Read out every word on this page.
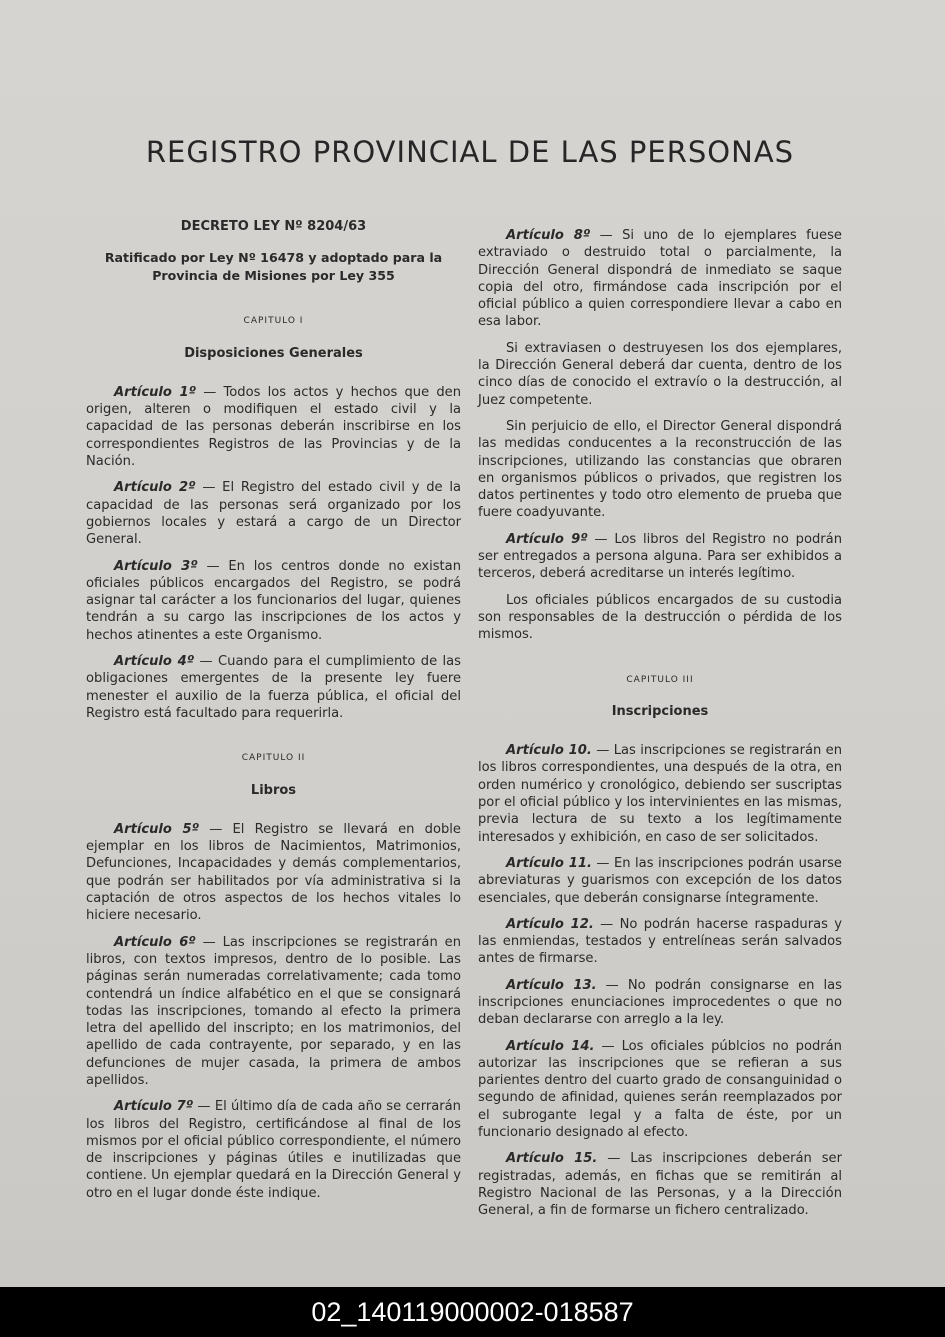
REGISTRO PROVINCIAL DE LAS PERSONAS
DECRETO LEY Nº 8204/63
Ratificado por Ley Nº 16478 y adoptado para la Provincia de Misiones por Ley 355
CAPITULO I
Disposiciones Generales

Artículo 1º — Todos los actos y hechos que den origen, alteren o modifiquen el estado civil y la capacidad de las personas deberán inscribirse en los correspondientes Registros de las Provincias y de la Nación.

Artículo 2º — El Registro del estado civil y de la capacidad de las personas será organizado por los gobiernos locales y estará a cargo de un Director General.

Artículo 3º — En los centros donde no existan oficiales públicos encargados del Registro, se podrá asignar tal carácter a los funcionarios del lugar, quienes tendrán a su cargo las inscripciones de los actos y hechos atinentes a este Organismo.

Artículo 4º — Cuando para el cumplimiento de las obligaciones emergentes de la presente ley fuere menester el auxilio de la fuerza pública, el oficial del Registro está facultado para requerirla.

CAPITULO II
Libros

Artículo 5º — El Registro se llevará en doble ejemplar en los libros de Nacimientos, Matrimonios, Defunciones, Incapacidades y demás complementarios, que podrán ser habilitados por vía administrativa si la captación de otros aspectos de los hechos vitales lo hiciere necesario.

Artículo 6º — Las inscripciones se registrarán en libros, con textos impresos, dentro de lo posible. Las páginas serán numeradas correlativamente; cada tomo contendrá un índice alfabético en el que se consignará todas las inscripciones, tomando al efecto la primera letra del apellido del inscripto; en los matrimonios, del apellido de cada contrayente, por separado, y en las defunciones de mujer casada, la primera de ambos apellidos.

Artículo 7º — El último día de cada año se cerrarán los libros del Registro, certificándose al final de los mismos por el oficial público correspondiente, el número de inscripciones y páginas útiles e inutilizadas que contiene. Un ejemplar quedará en la Dirección General y otro en el lugar donde éste indique.

Artículo 8º — Si uno de lo ejemplares fuese extraviado o destruido total o parcialmente, la Dirección General dispondrá de inmediato se saque copia del otro, firmándose cada inscripción por el oficial público a quien correspondiere llevar a cabo en esa labor.

Si extraviasen o destruyesen los dos ejemplares, la Dirección General deberá dar cuenta, dentro de los cinco días de conocido el extravío o la destrucción, al Juez competente.

Sin perjuicio de ello, el Director General dispondrá las medidas conducentes a la reconstrucción de las inscripciones, utilizando las constancias que obraren en organismos públicos o privados, que registren los datos pertinentes y todo otro elemento de prueba que fuere coadyuvante.

Artículo 9º — Los libros del Registro no podrán ser entregados a persona alguna. Para ser exhibidos a terceros, deberá acreditarse un interés legítimo.

Los oficiales públicos encargados de su custodia son responsables de la destrucción o pérdida de los mismos.

CAPITULO III
Inscripciones

Artículo 10. — Las inscripciones se registrarán en los libros correspondientes, una después de la otra, en orden numérico y cronológico, debiendo ser suscriptas por el oficial público y los intervinientes en las mismas, previa lectura de su texto a los legítimamente interesados y exhibición, en caso de ser solicitados.

Artículo 11. — En las inscripciones podrán usarse abreviaturas y guarismos con excepción de los datos esenciales, que deberán consignarse íntegramente.

Artículo 12. — No podrán hacerse raspaduras y las enmiendas, testados y entrelíneas serán salvados antes de firmarse.

Artículo 13. — No podrán consignarse en las inscripciones enunciaciones improcedentes o que no deban declararse con arreglo a la ley.

Artículo 14. — Los oficiales públcios no podrán autorizar las inscripciones que se refieran a sus parientes dentro del cuarto grado de consanguinidad o segundo de afinidad, quienes serán reemplazados por el subrogante legal y a falta de éste, por un funcionario designado al efecto.

Artículo 15. — Las inscripciones deberán ser registradas, además, en fichas que se remitirán al Registro Nacional de las Personas, y a la Dirección General, a fin de formarse un fichero centralizado.

02_140119000002-018587
